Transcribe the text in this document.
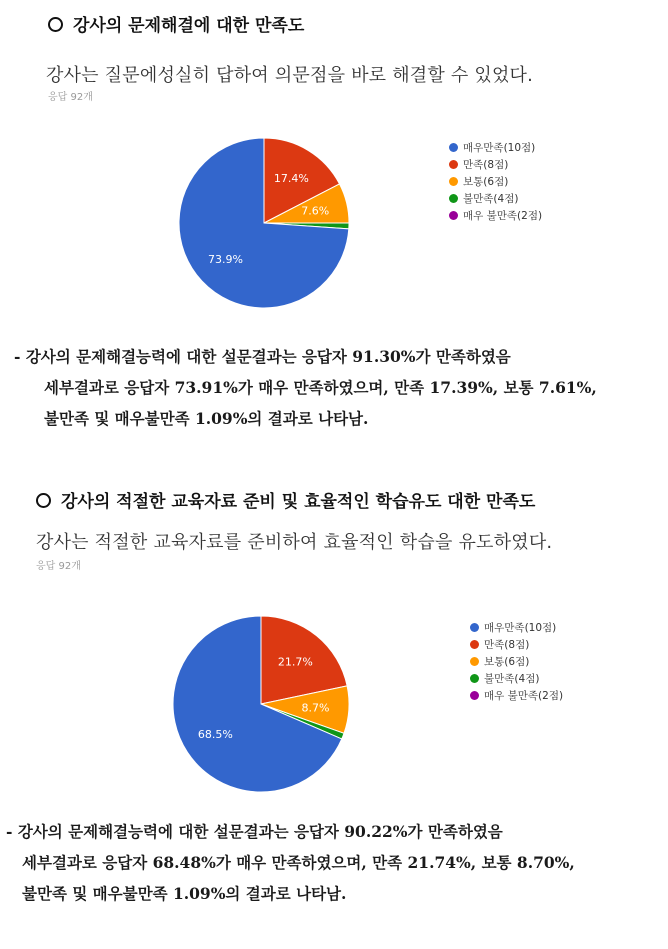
강사의 문제해결에 대한 만족도
강사는 질문에성실히 답하여 의문점을 바로 해결할 수 있었다.
응답 92개
17.4%
7.6%
73.9%
매우만족(10점)
만족(8점)
보통(6점)
불만족(4점)
매우 불만족(2점)
- 강사의 문제해결능력에 대한 설문결과는 응답자 91.30%가 만족하였음
세부결과로 응답자 73.91%가 매우 만족하였으며, 만족 17.39%, 보통 7.61%,
불만족 및 매우불만족 1.09%의 결과로 나타남.
강사의 적절한 교육자료 준비 및 효율적인 학습유도 대한 만족도
강사는 적절한 교육자료를 준비하여 효율적인 학습을 유도하였다.
응답 92개
21.7%
8.7%
68.5%
매우만족(10점)
만족(8점)
보통(6점)
불만족(4점)
매우 불만족(2점)
- 강사의 문제해결능력에 대한 설문결과는 응답자 90.22%가 만족하였음
세부결과로 응답자 68.48%가 매우 만족하였으며, 만족 21.74%, 보통 8.70%,
불만족 및 매우불만족 1.09%의 결과로 나타남.
